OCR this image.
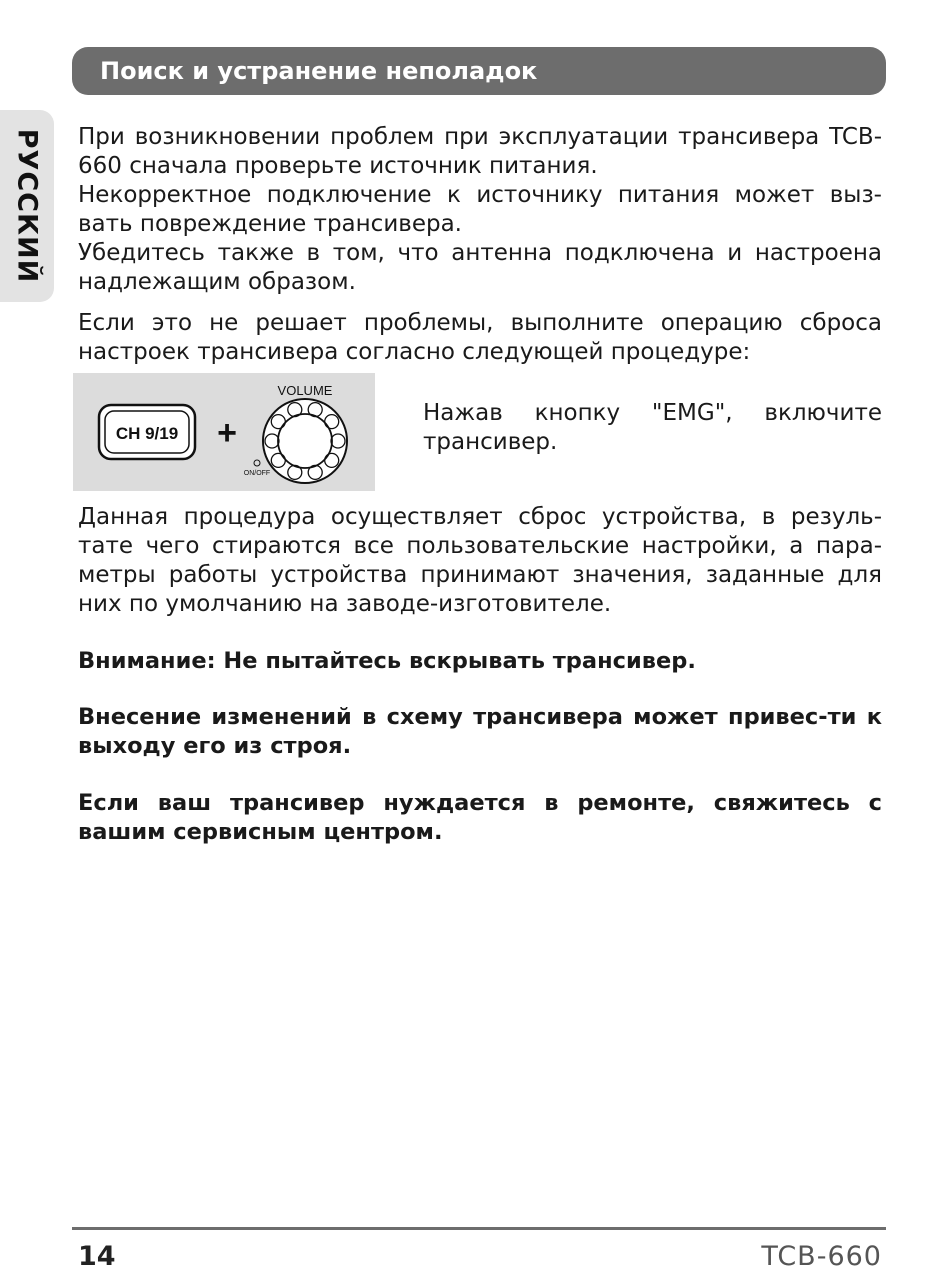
РУССКИЙ
Поиск и устранение неполадок

При возникновении проблем при эксплуатации трансивера TCB-660 сначала проверьте источник питания.

Некорректное подключение к источнику питания может выз-вать повреждение трансивера.

Убедитесь также в том, что антенна подключена и настроена надлежащим образом.

Если это не решает проблемы, выполните операцию сброса настроек трансивера согласно следующей процедуре:

CH 9/19 +
VOLUME
ON/OFF
Нажав кнопку "EMG", включите трансивер.

Данная процедура осуществляет сброс устройства, в резуль-тате чего стираются все пользовательские настройки, а пара-метры работы устройства принимают значения, заданные для них по умолчанию на заводе-изготовителе.

Внимание: Не пытайтесь вскрывать трансивер.

Внесение изменений в схему трансивера может привес-ти к выходу его из строя.

Если ваш трансивер нуждается в ремонте, свяжитесь с вашим сервисным центром.

14	TCB-660
